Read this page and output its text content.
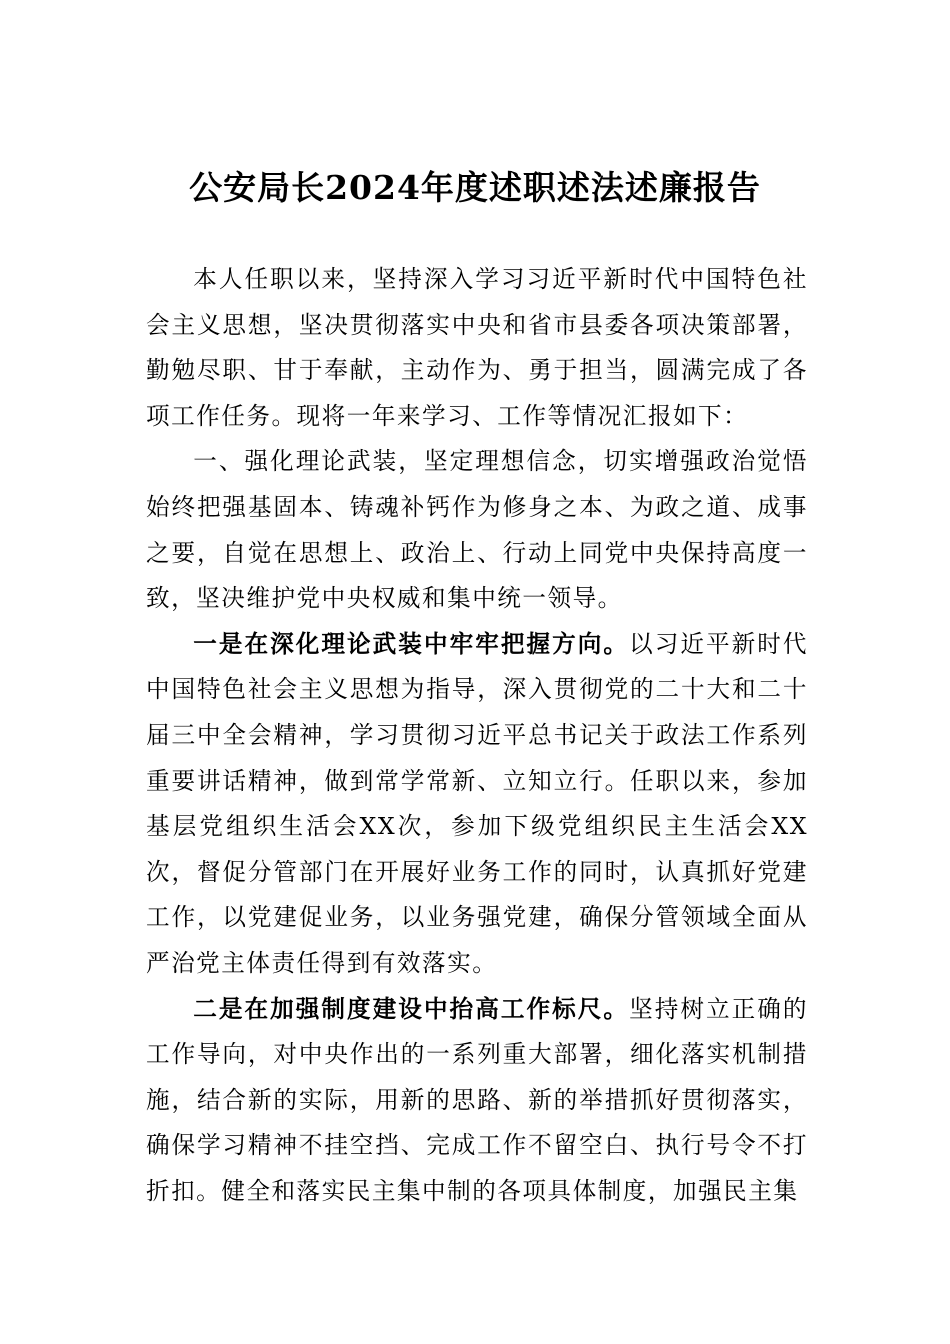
公安局长2024年度述职述法述廉报告

本人任职以来，坚持深入学习习近平新时代中国特色社会主义思想，坚决贯彻落实中央和省市县委各项决策部署，勤勉尽职、甘于奉献，主动作为、勇于担当，圆满完成了各项工作任务。现将一年来学习、工作等情况汇报如下：

一、强化理论武装，坚定理想信念，切实增强政治觉悟始终把强基固本、铸魂补钙作为修身之本、为政之道、成事之要，自觉在思想上、政治上、行动上同党中央保持高度一致，坚决维护党中央权威和集中统一领导。

一是在深化理论武装中牢牢把握方向。以习近平新时代中国特色社会主义思想为指导，深入贯彻党的二十大和二十届三中全会精神，学习贯彻习近平总书记关于政法工作系列重要讲话精神，做到常学常新、立知立行。任职以来，参加基层党组织生活会XX次，参加下级党组织民主生活会XX次，督促分管部门在开展好业务工作的同时，认真抓好党建工作，以党建促业务，以业务强党建，确保分管领域全面从严治党主体责任得到有效落实。

二是在加强制度建设中抬高工作标尺。坚持树立正确的工作导向，对中央作出的一系列重大部署，细化落实机制措施，结合新的实际，用新的思路、新的举措抓好贯彻落实，确保学习精神不挂空挡、完成工作不留空白、执行号令不打折扣。健全和落实民主集中制的各项具体制度，加强民主集
